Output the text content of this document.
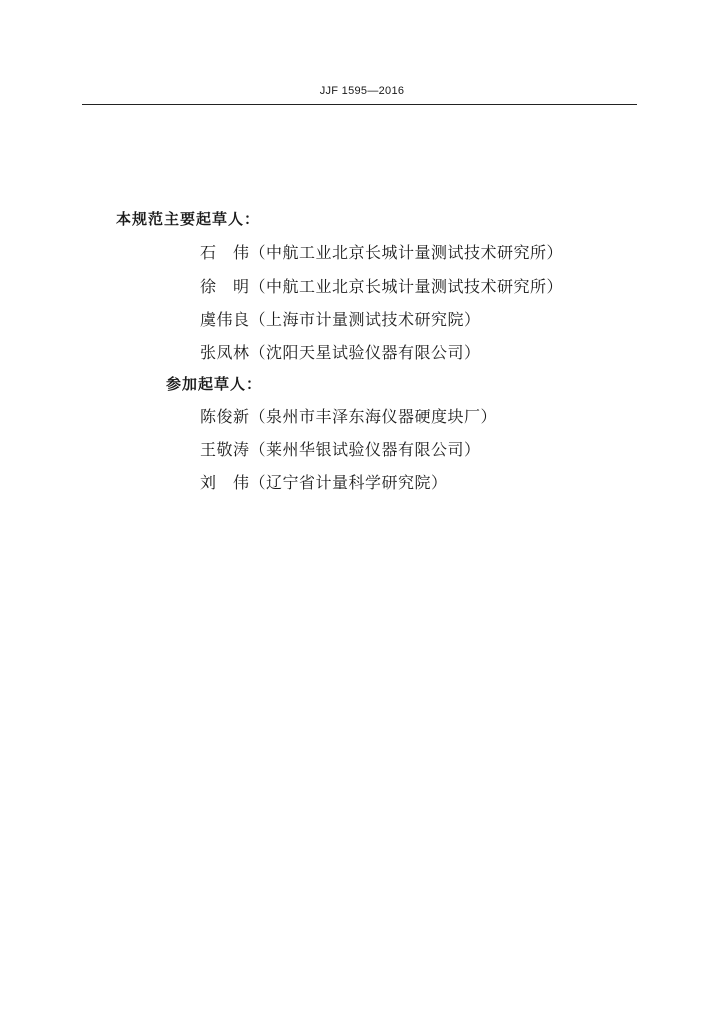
JJF 1595—2016
本规范主要起草人：
石　伟（中航工业北京长城计量测试技术研究所）
徐　明（中航工业北京长城计量测试技术研究所）
虞伟良（上海市计量测试技术研究院）
张凤林（沈阳天星试验仪器有限公司）
参加起草人：
陈俊新（泉州市丰泽东海仪器硬度块厂）
王敬涛（莱州华银试验仪器有限公司）
刘　伟（辽宁省计量科学研究院）
